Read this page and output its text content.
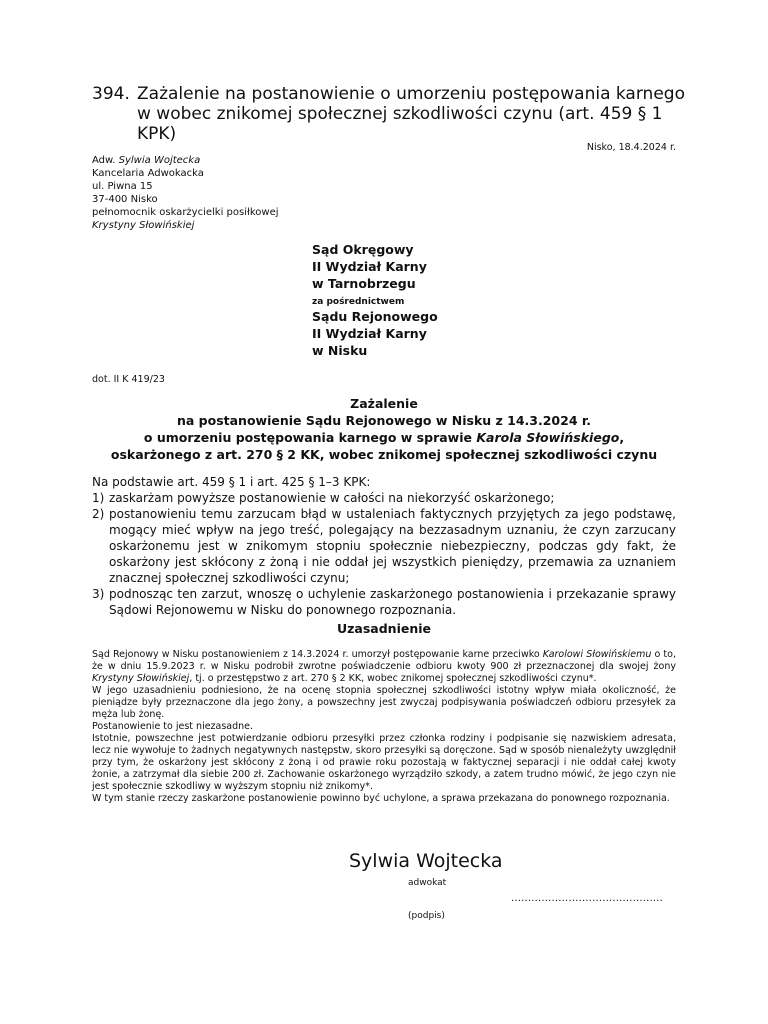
394. Zażalenie na postanowienie o umorzeniu postępowania karnego w wobec znikomej społecznej szkodliwości czynu (art. 459 § 1 KPK)
Nisko, 18.4.2024 r.
Adw. Sylwia Wojtecka
Kancelaria Adwokacka
ul. Piwna 15
37-400 Nisko
pełnomocnik oskarżycielki posiłkowej
Krystyny Słowińskiej
Sąd Okręgowy
II Wydział Karny
w Tarnobrzegu
za pośrednictwem
Sądu Rejonowego
II Wydział Karny
w Nisku
dot. II K 419/23
Zażalenie
na postanowienie Sądu Rejonowego w Nisku z 14.3.2024 r.
o umorzeniu postępowania karnego w sprawie Karola Słowińskiego,
oskarżonego z art. 270 § 2 KK, wobec znikomej społecznej szkodliwości czynu
Na podstawie art. 459 § 1 i art. 425 § 1–3 KPK:
1) zaskarżam powyższe postanowienie w całości na niekorzyść oskarżonego;
2) postanowieniu temu zarzucam błąd w ustaleniach faktycznych przyjętych za jego podstawę, mogący mieć wpływ na jego treść, polegający na bezzasadnym uznaniu, że czyn zarzucany oskarżonemu jest w znikomym stopniu społecznie niebezpieczny, podczas gdy fakt, że oskarżony jest skłócony z żoną i nie oddał jej wszystkich pieniędzy, przemawia za uznaniem znacznej społecznej szkodliwości czynu;
3) podnosząc ten zarzut, wnoszę o uchylenie zaskarżonego postanowienia i przekazanie sprawy Sądowi Rejonowemu w Nisku do ponownego rozpoznania.
Uzasadnienie

Sąd Rejonowy w Nisku postanowieniem z 14.3.2024 r. umorzył postępowanie karne przeciwko Karolowi Słowińskiemu o to, że w dniu 15.9.2023 r. w Nisku podrobił zwrotne poświadczenie odbioru kwoty 900 zł przeznaczonej dla swojej żony Krystyny Słowińskiej, tj. o przestępstwo z art. 270 § 2 KK, wobec znikomej społecznej szkodliwości czynu*.

W jego uzasadnieniu podniesiono, że na ocenę stopnia społecznej szkodliwości istotny wpływ miała okoliczność, że pieniądze były przeznaczone dla jego żony, a powszechny jest zwyczaj podpisywania poświadczeń odbioru przesyłek za męża lub żonę.

Postanowienie to jest niezasadne.

Istotnie, powszechne jest potwierdzanie odbioru przesyłki przez członka rodziny i podpisanie się nazwiskiem adresata, lecz nie wywołuje to żadnych negatywnych następstw, skoro przesyłki są doręczone. Sąd w sposób nienależyty uwzględnił przy tym, że oskarżony jest skłócony z żoną i od prawie roku pozostają w faktycznej separacji i nie oddał całej kwoty żonie, a zatrzymał dla siebie 200 zł. Zachowanie oskarżonego wyrządziło szkody, a zatem trudno mówić, że jego czyn nie jest społecznie szkodliwy w wyższym stopniu niż znikomy*.

W tym stanie rzeczy zaskarżone postanowienie powinno być uchylone, a sprawa przekazana do ponownego rozpoznania.

Sylwia Wojtecka
adwokat
.............................................
(podpis)
